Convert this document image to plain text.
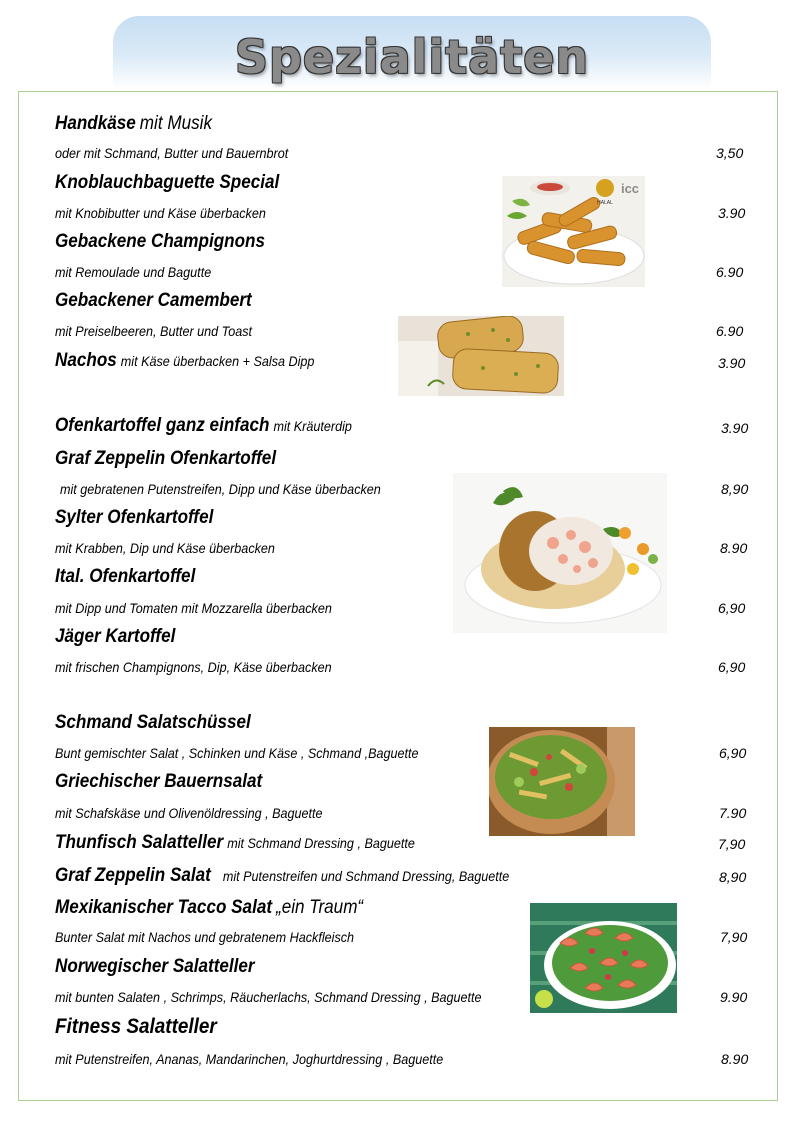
Spezialitäten
Handkäse mit Musik
oder mit Schmand, Butter und Bauernbrot	3,50
Knoblauchbaguette Special
mit Knobibutter und Käse überbacken	3.90
Gebackene Champignons
mit Remoulade und Bagutte	6.90
Gebackener Camembert
mit Preiselbeeren, Butter und Toast	6.90
Nachos mit Käse überbacken + Salsa Dipp	3.90
Ofenkartoffel ganz einfach mit Kräuterdip	3.90
Graf Zeppelin Ofenkartoffel
mit gebratenen Putenstreifen, Dipp und Käse überbacken	8,90
Sylter Ofenkartoffel
mit Krabben, Dip und Käse überbacken	8.90
Ital. Ofenkartoffel
mit Dipp und Tomaten mit Mozzarella überbacken	6,90
Jäger Kartoffel
mit frischen Champignons, Dip, Käse überbacken	6,90
Schmand Salatschüssel
Bunt gemischter Salat , Schinken und Käse , Schmand ,Baguette	6,90
Griechischer Bauernsalat
mit Schafskäse und Olivenöldressing , Baguette	7.90
Thunfisch Salatteller mit Schmand Dressing , Baguette	7,90
Graf Zeppelin Salat mit Putenstreifen und Schmand Dressing, Baguette	8,90
Mexikanischer Tacco Salat „ein Traum“
Bunter Salat mit Nachos und gebratenem Hackfleisch	7,90
Norwegischer Salatteller
mit bunten Salaten , Schrimps, Räucherlachs, Schmand Dressing , Baguette	9.90
Fitness Salatteller
mit Putenstreifen, Ananas, Mandarinchen, Joghurtdressing , Baguette	8.90
HALAL
icc
